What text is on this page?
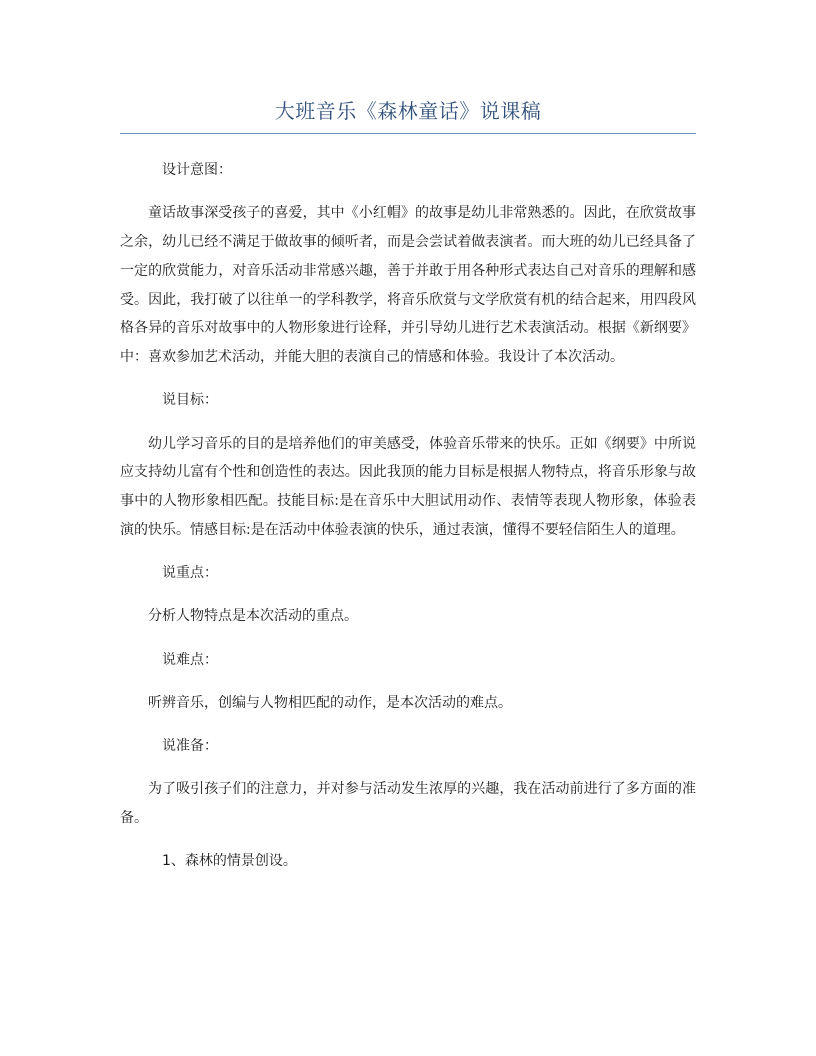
大班音乐《森林童话》说课稿

设计意图：

童话故事深受孩子的喜爱，其中《小红帽》的故事是幼儿非常熟悉的。因此，在欣赏故事之余，幼儿已经不满足于做故事的倾听者，而是会尝试着做表演者。而大班的幼儿已经具备了一定的欣赏能力，对音乐活动非常感兴趣，善于并敢于用各种形式表达自己对音乐的理解和感受。因此，我打破了以往单一的学科教学，将音乐欣赏与文学欣赏有机的结合起来，用四段风格各异的音乐对故事中的人物形象进行诠释，并引导幼儿进行艺术表演活动。根据《新纲要》中：喜欢参加艺术活动，并能大胆的表演自己的情感和体验。我设计了本次活动。

说目标：

幼儿学习音乐的目的是培养他们的审美感受，体验音乐带来的快乐。正如《纲要》中所说应支持幼儿富有个性和创造性的表达。因此我顶的能力目标是根据人物特点，将音乐形象与故事中的人物形象相匹配。技能目标:是在音乐中大胆试用动作、表情等表现人物形象，体验表演的快乐。情感目标:是在活动中体验表演的快乐，通过表演，懂得不要轻信陌生人的道理。

说重点：

分析人物特点是本次活动的重点。

说难点：

听辨音乐，创编与人物相匹配的动作，是本次活动的难点。

说准备：

为了吸引孩子们的注意力，并对参与活动发生浓厚的兴趣，我在活动前进行了多方面的准备。

1、森林的情景创设。
